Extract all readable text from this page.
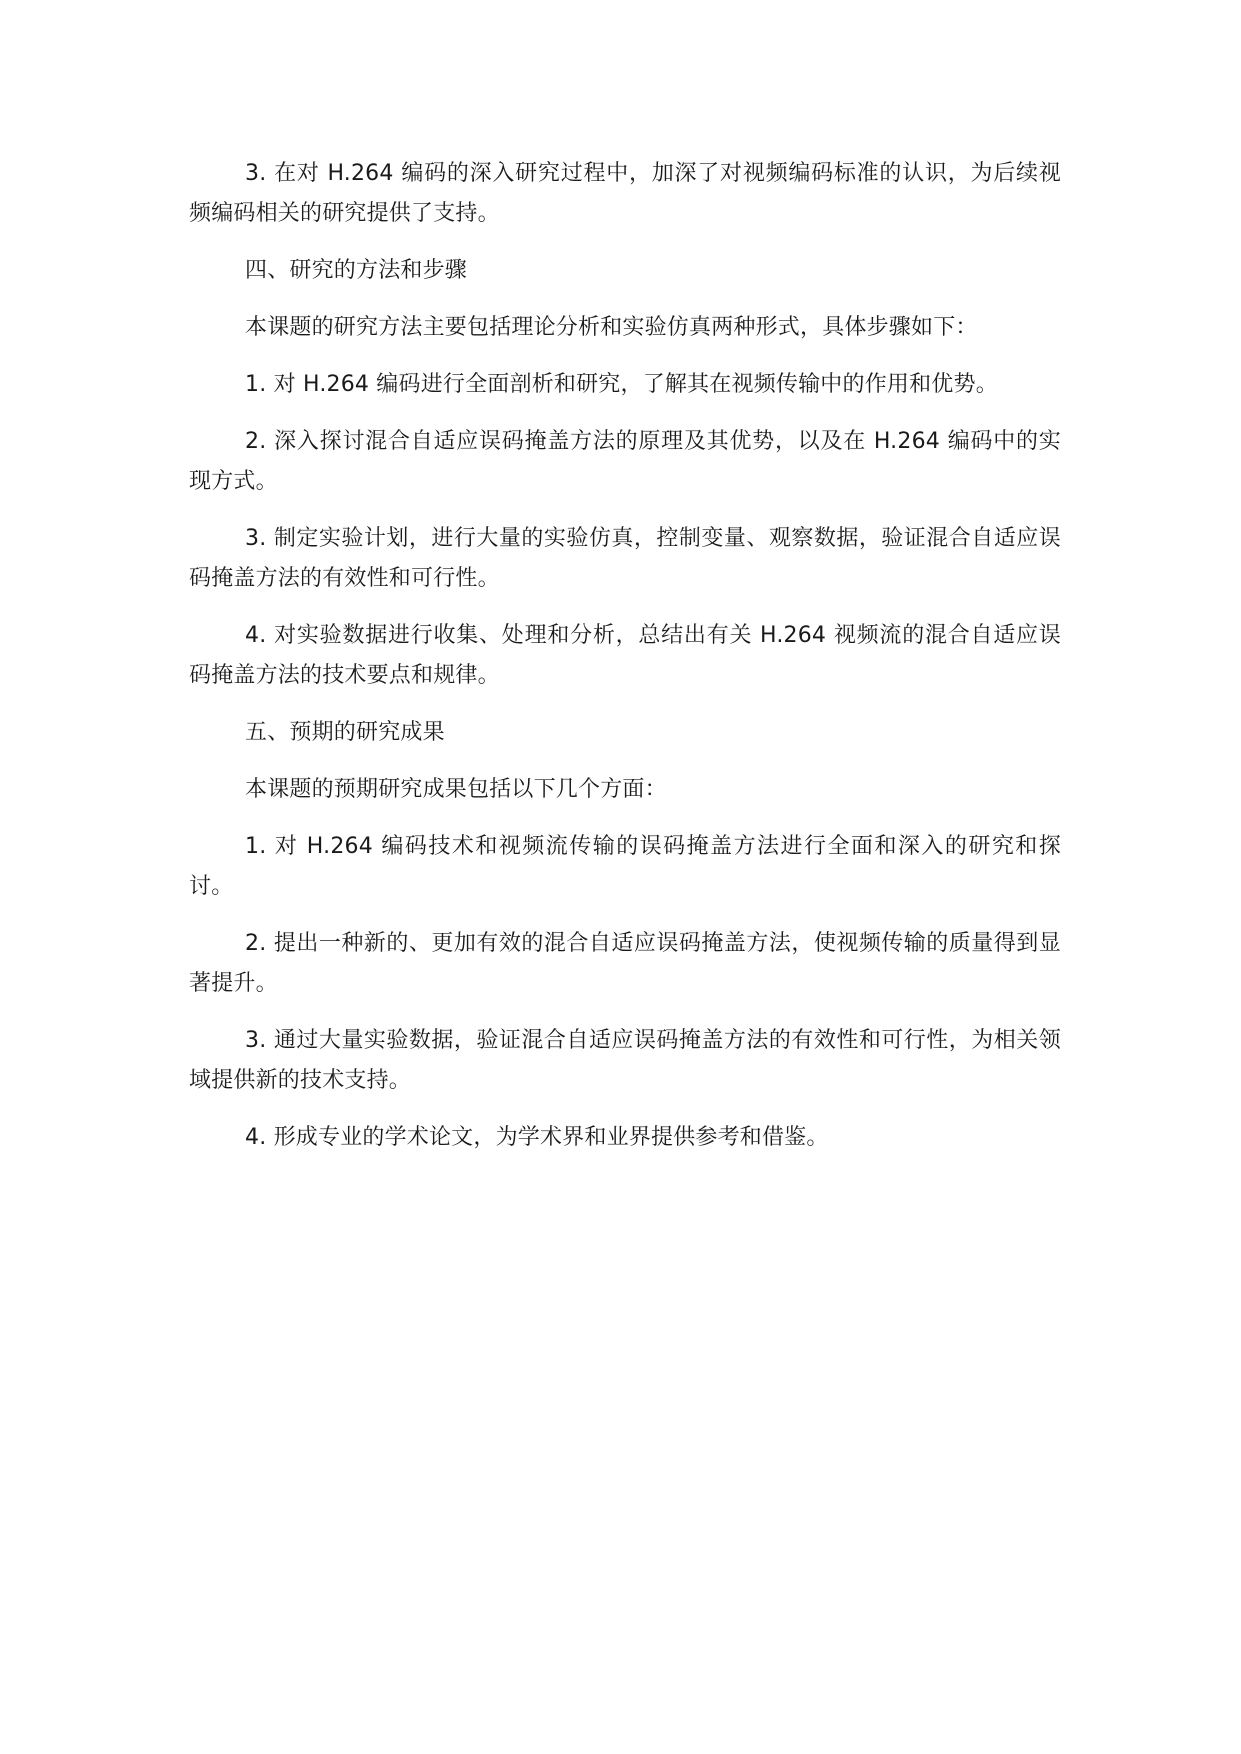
3. 在对 H.264 编码的深入研究过程中，加深了对视频编码标准的认识，为后续视频编码相关的研究提供了支持。

四、研究的方法和步骤

本课题的研究方法主要包括理论分析和实验仿真两种形式，具体步骤如下：

1. 对 H.264 编码进行全面剖析和研究，了解其在视频传输中的作用和优势。

2. 深入探讨混合自适应误码掩盖方法的原理及其优势，以及在 H.264 编码中的实现方式。

3. 制定实验计划，进行大量的实验仿真，控制变量、观察数据，验证混合自适应误码掩盖方法的有效性和可行性。

4. 对实验数据进行收集、处理和分析，总结出有关 H.264 视频流的混合自适应误码掩盖方法的技术要点和规律。

五、预期的研究成果

本课题的预期研究成果包括以下几个方面：

1. 对 H.264 编码技术和视频流传输的误码掩盖方法进行全面和深入的研究和探讨。

2. 提出一种新的、更加有效的混合自适应误码掩盖方法，使视频传输的质量得到显著提升。

3. 通过大量实验数据，验证混合自适应误码掩盖方法的有效性和可行性，为相关领域提供新的技术支持。

4. 形成专业的学术论文，为学术界和业界提供参考和借鉴。
